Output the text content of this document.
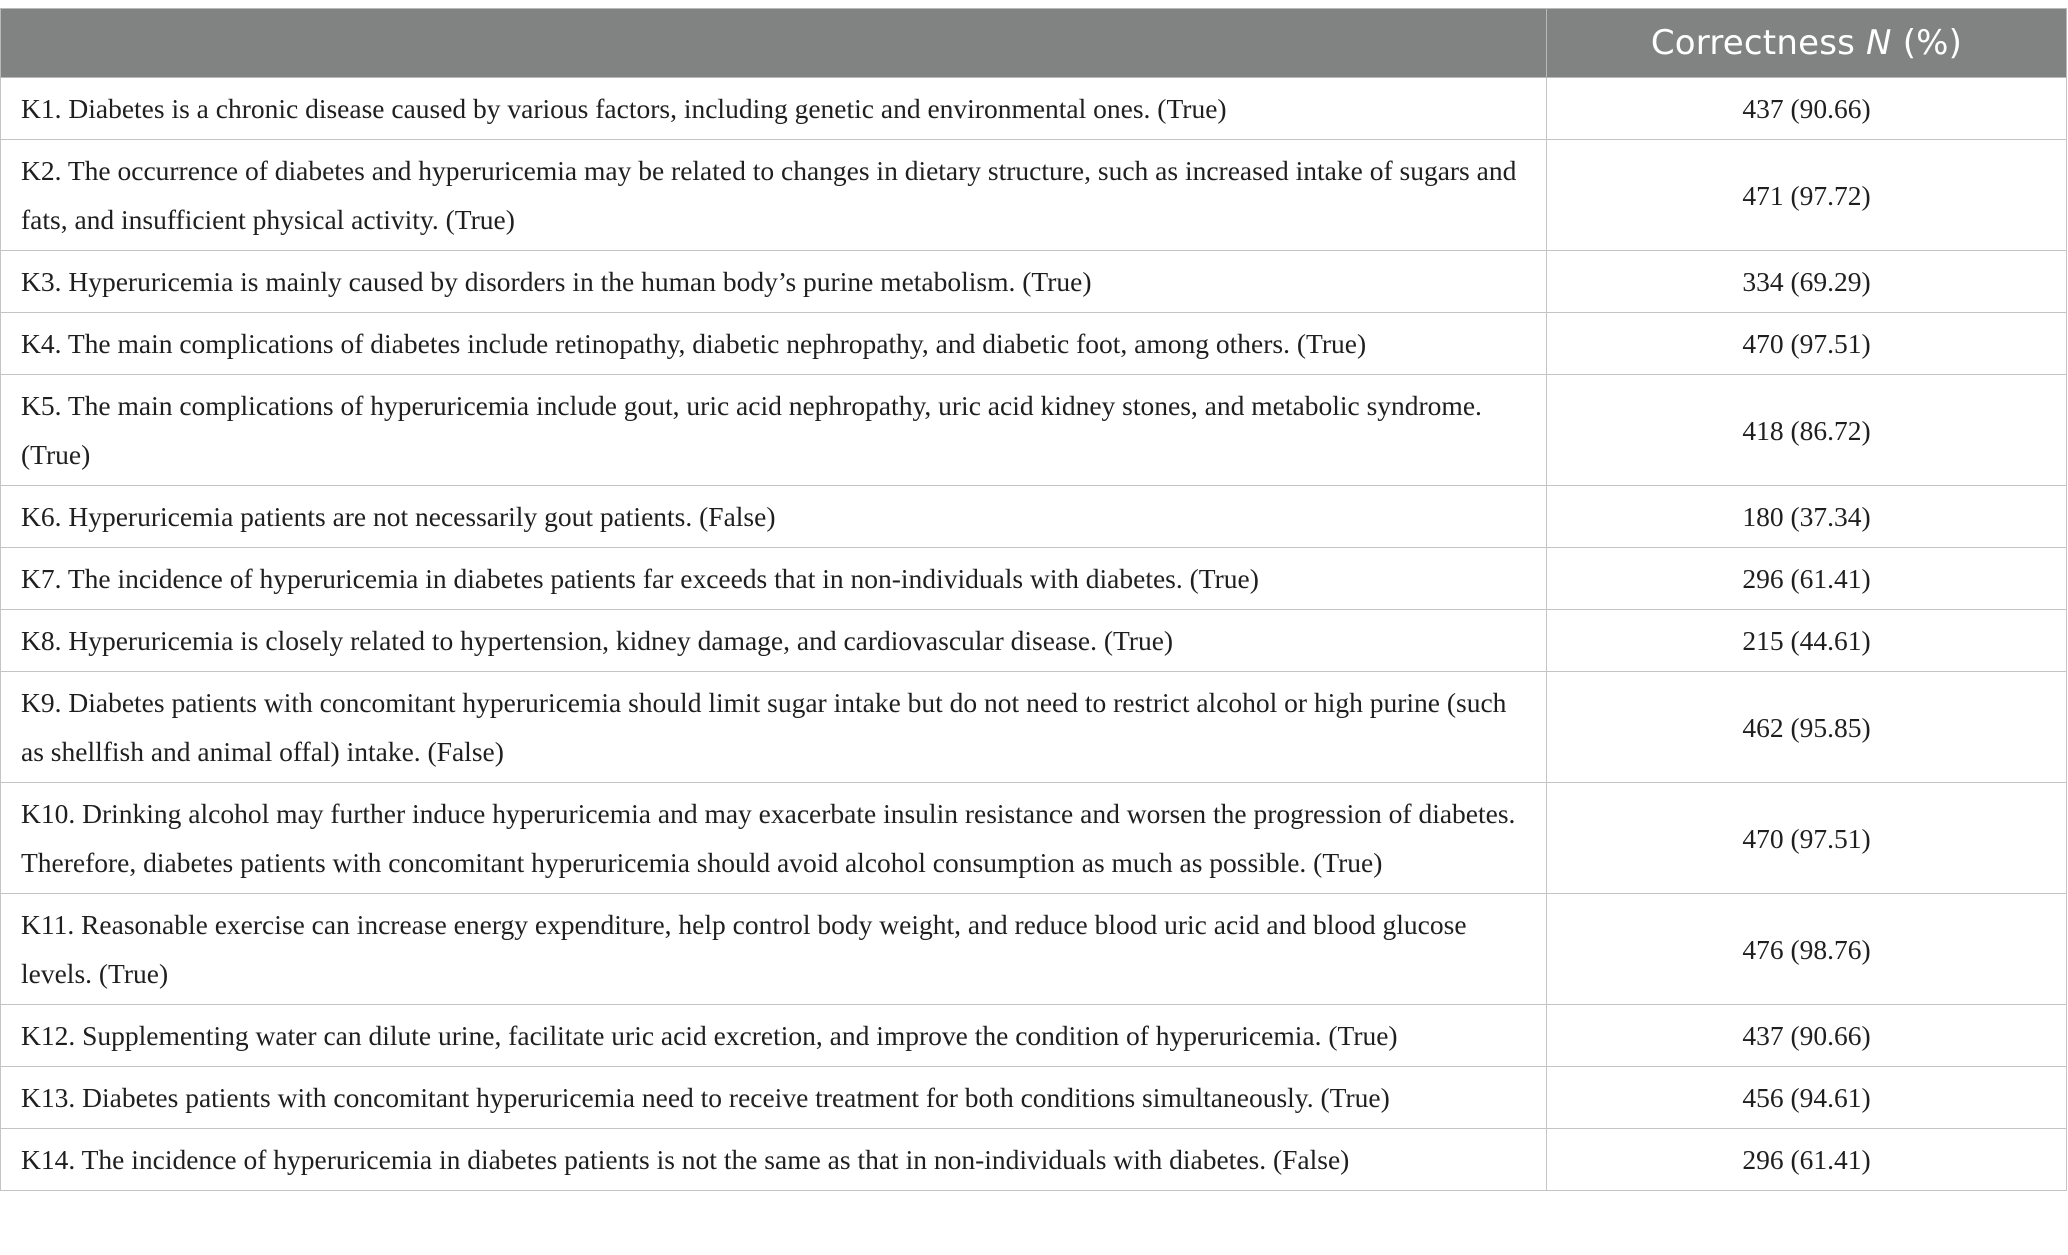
	Correctness N (%)
K1. Diabetes is a chronic disease caused by various factors, including genetic and environmental ones. (True)	437 (90.66)
K2. The occurrence of diabetes and hyperuricemia may be related to changes in dietary structure, such as increased intake of sugars and fats, and insufficient physical activity. (True)	471 (97.72)
K3. Hyperuricemia is mainly caused by disorders in the human body’s purine metabolism. (True)	334 (69.29)
K4. The main complications of diabetes include retinopathy, diabetic nephropathy, and diabetic foot, among others. (True)	470 (97.51)
K5. The main complications of hyperuricemia include gout, uric acid nephropathy, uric acid kidney stones, and metabolic syndrome. (True)	418 (86.72)
K6. Hyperuricemia patients are not necessarily gout patients. (False)	180 (37.34)
K7. The incidence of hyperuricemia in diabetes patients far exceeds that in non-individuals with diabetes. (True)	296 (61.41)
K8. Hyperuricemia is closely related to hypertension, kidney damage, and cardiovascular disease. (True)	215 (44.61)
K9. Diabetes patients with concomitant hyperuricemia should limit sugar intake but do not need to restrict alcohol or high purine (such as shellfish and animal offal) intake. (False)	462 (95.85)
K10. Drinking alcohol may further induce hyperuricemia and may exacerbate insulin resistance and worsen the progression of diabetes. Therefore, diabetes patients with concomitant hyperuricemia should avoid alcohol consumption as much as possible. (True)	470 (97.51)
K11. Reasonable exercise can increase energy expenditure, help control body weight, and reduce blood uric acid and blood glucose levels. (True)	476 (98.76)
K12. Supplementing water can dilute urine, facilitate uric acid excretion, and improve the condition of hyperuricemia. (True)	437 (90.66)
K13. Diabetes patients with concomitant hyperuricemia need to receive treatment for both conditions simultaneously. (True)	456 (94.61)
K14. The incidence of hyperuricemia in diabetes patients is not the same as that in non-individuals with diabetes. (False)	296 (61.41)
